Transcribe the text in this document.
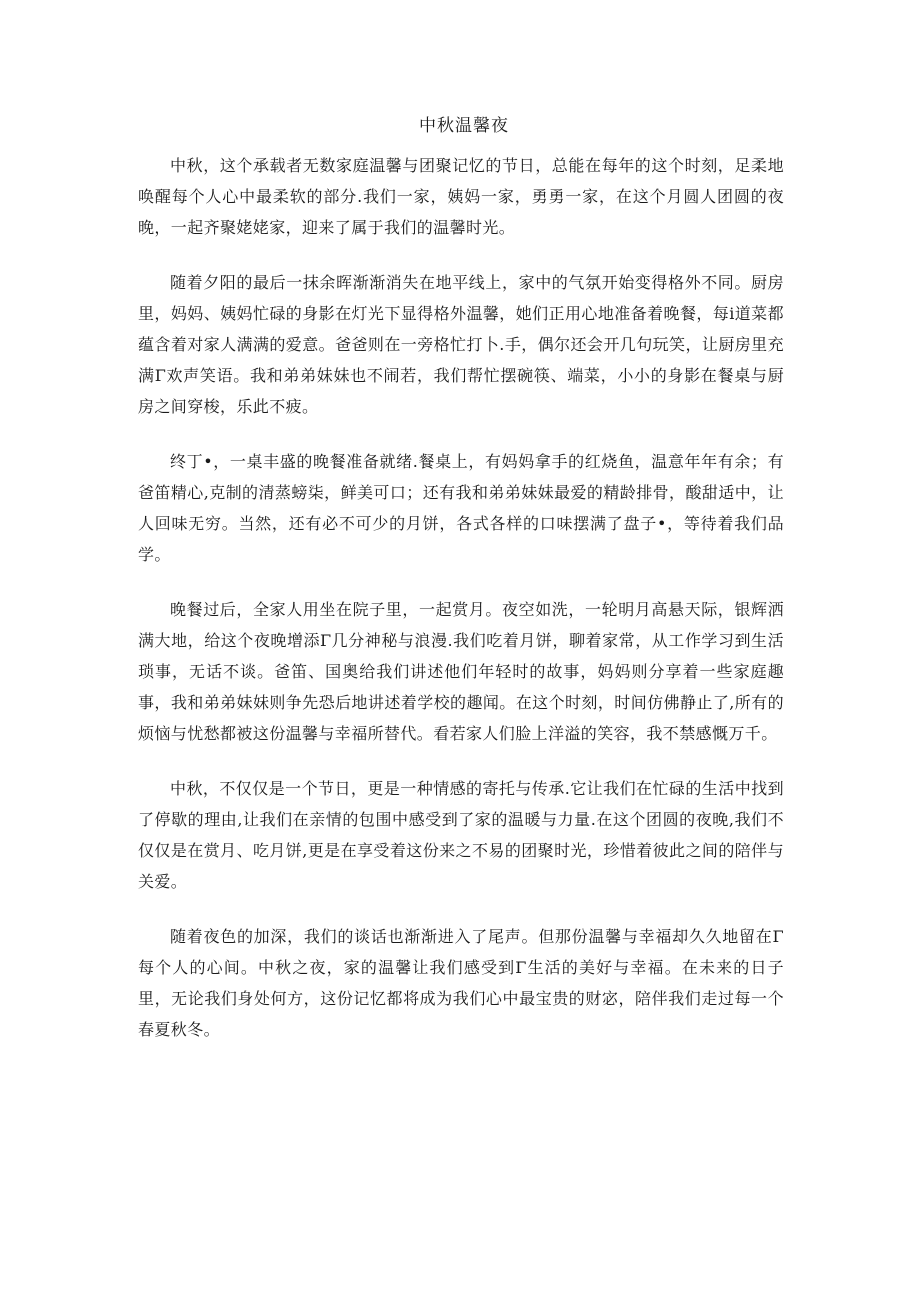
中秋温馨夜

中秋，这个承载者无数家庭温馨与团聚记忆的节日，总能在每年的这个时刻，足柔地唤醒每个人心中最柔软的部分.我们一家，姨妈一家，勇勇一家，在这个月圆人团圆的夜晚，一起齐聚姥姥家，迎来了属于我们的温馨时光。

随着夕阳的最后一抹余晖渐渐消失在地平线上，家中的气氛开始变得格外不同。厨房里，妈妈、姨妈忙碌的身影在灯光下显得格外温馨，她们正用心地准备着晚餐，每i道菜都蕴含着对家人满满的爱意。爸爸则在一旁格忙打卜.手，偶尔还会开几句玩笑，让厨房里充满Γ欢声笑语。我和弟弟妹妹也不闹若，我们帮忙摆碗筷、端菜，小小的身影在餐桌与厨房之间穿梭，乐此不疲。

终丁•，一桌丰盛的晚餐准备就绪.餐桌上，有妈妈拿手的红烧鱼，温意年年有余；有爸笛精心,克制的清蒸螃柒，鲜美可口；还有我和弟弟妹妹最爱的精龄排骨，酸甜适中，让人回味无穷。当然，还有必不可少的月饼，各式各样的口味摆满了盘子•，等待着我们品学。

晚餐过后，全家人用坐在院子里，一起赏月。夜空如洗，一轮明月高悬天际，银辉洒满大地，给这个夜晚增添Γ几分神秘与浪漫.我们吃着月饼，聊着家常，从工作学习到生活琐事，无话不谈。爸笛、国奥给我们讲述他们年轻时的故事，妈妈则分享着一些家庭趣事，我和弟弟妹妹则争先恐后地讲述着学校的趣闻。在这个时刻，时间仿佛静止了,所有的烦恼与忧愁都被这份温馨与幸福所替代。看若家人们脸上洋溢的笑容，我不禁感慨万千。

中秋，不仅仅是一个节日，更是一种情感的寄托与传承.它让我们在忙碌的生活中找到了停歇的理由,让我们在亲情的包围中感受到了家的温暖与力量.在这个团圆的夜晚,我们不仅仅是在赏月、吃月饼,更是在享受着这份来之不易的团聚时光，珍惜着彼此之间的陪伴与关爱。

随着夜色的加深，我们的谈话也渐渐进入了尾声。但那份温馨与幸福却久久地留在Γ每个人的心间。中秋之夜，家的温馨让我们感受到Γ生活的美好与幸福。在未来的日子里，无论我们身处何方，这份记忆都将成为我们心中最宝贵的财宓，陪伴我们走过每一个春夏秋冬。
